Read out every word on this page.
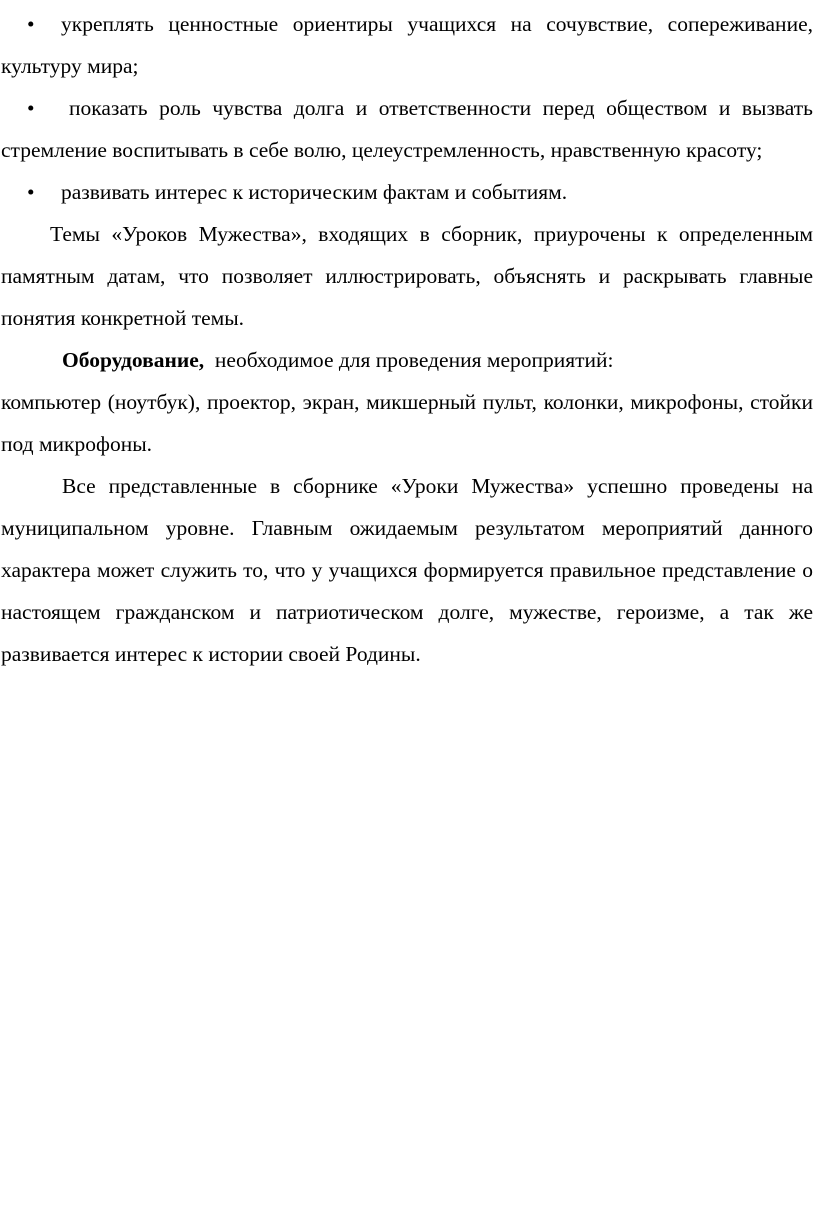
• укреплять ценностные ориентиры учащихся на сочувствие, сопереживание, культуру мира;

• показать роль чувства долга и ответственности перед обществом и вызвать стремление воспитывать в себе волю, целеустремленность, нравственную красоту;

• развивать интерес к историческим фактам и событиям.

Темы «Уроков Мужества», входящих в сборник, приурочены к определенным памятным датам, что позволяет иллюстрировать, объяснять и раскрывать главные понятия конкретной темы.

Оборудование, необходимое для проведения мероприятий:

компьютер (ноутбук), проектор, экран, микшерный пульт, колонки, микрофоны, стойки под микрофоны.

Все представленные в сборнике «Уроки Мужества» успешно проведены на муниципальном уровне. Главным ожидаемым результатом мероприятий данного характера может служить то, что у учащихся формируется правильное представление о настоящем гражданском и патриотическом долге, мужестве, героизме, а так же развивается интерес к истории своей Родины.
